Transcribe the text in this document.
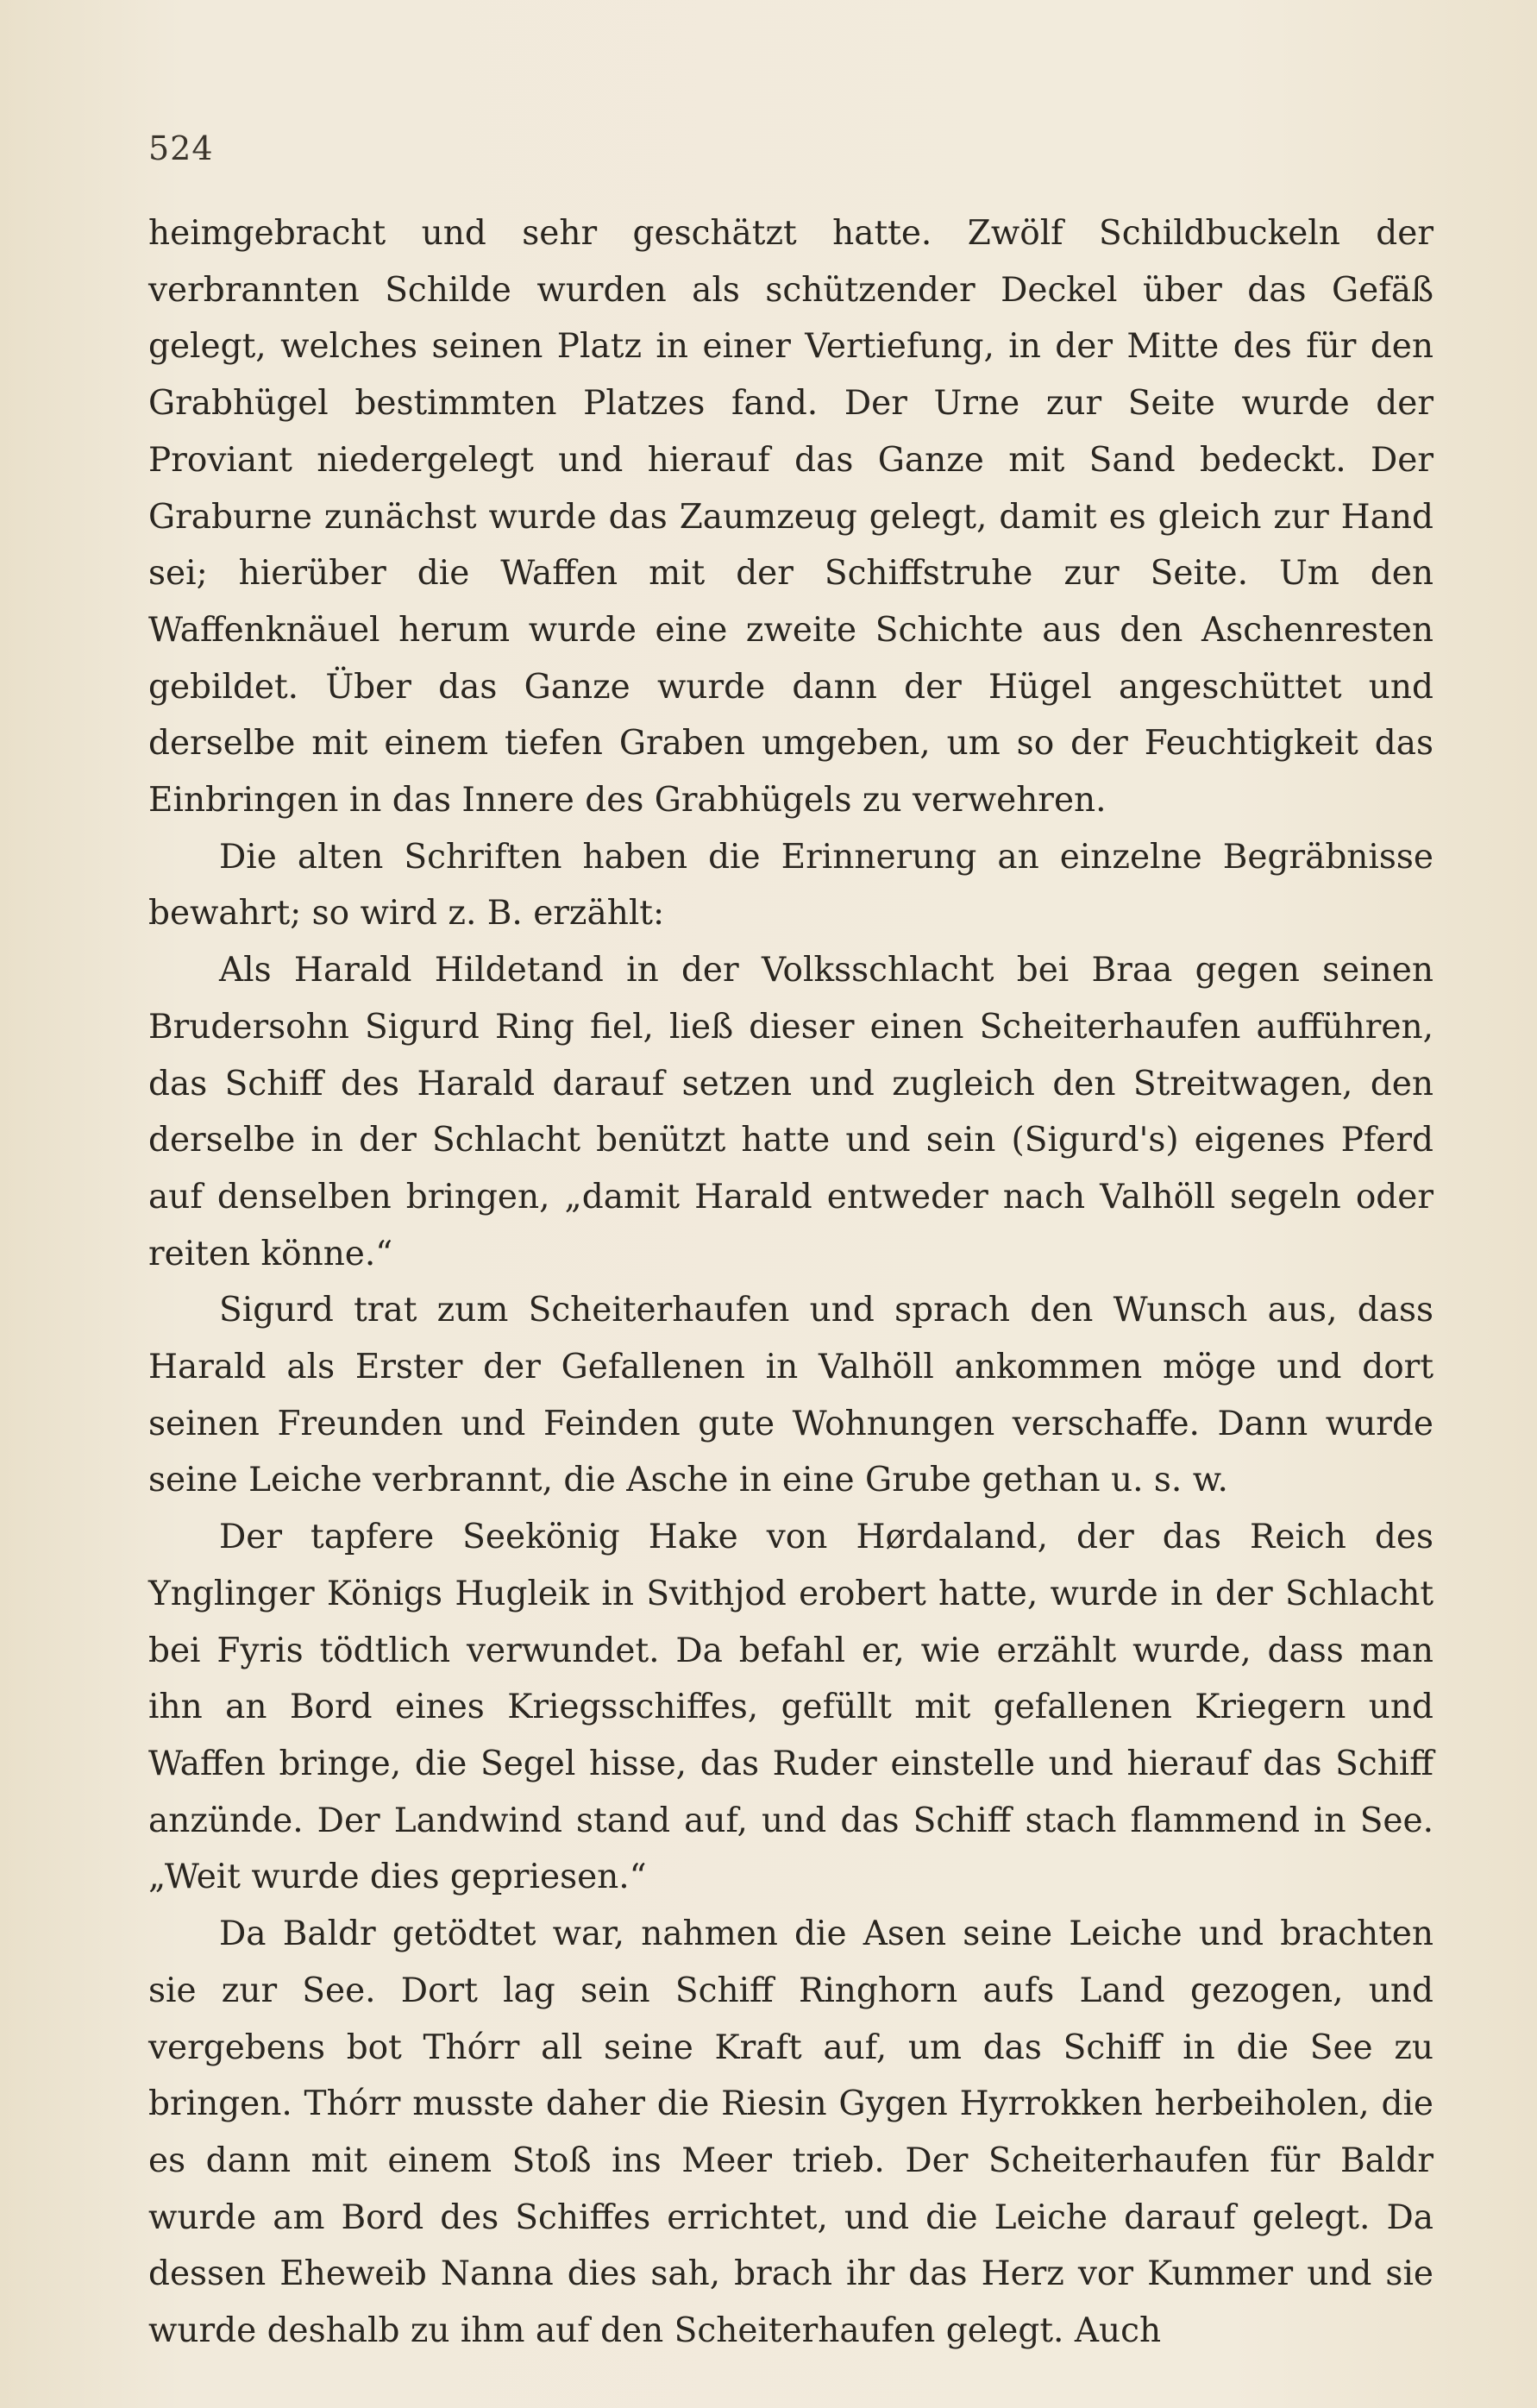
524

heimgebracht und sehr geschätzt hatte. Zwölf Schildbuckeln der verbrannten Schilde wurden als schützender Deckel über das Gefäß gelegt, welches seinen Platz in einer Vertiefung, in der Mitte des für den Grabhügel bestimmten Platzes fand. Der Urne zur Seite wurde der Proviant niedergelegt und hierauf das Ganze mit Sand bedeckt. Der Graburne zunächst wurde das Zaumzeug gelegt, damit es gleich zur Hand sei; hierüber die Waffen mit der Schiffstruhe zur Seite. Um den Waffenknäuel herum wurde eine zweite Schichte aus den Aschenresten gebildet. Über das Ganze wurde dann der Hügel angeschüttet und derselbe mit einem tiefen Graben umgeben, um so der Feuchtigkeit das Einbringen in das Innere des Grabhügels zu verwehren.

Die alten Schriften haben die Erinnerung an einzelne Begräbnisse bewahrt; so wird z. B. erzählt:

Als Harald Hildetand in der Volksschlacht bei Braa gegen seinen Brudersohn Sigurd Ring fiel, ließ dieser einen Scheiterhaufen aufführen, das Schiff des Harald darauf setzen und zugleich den Streitwagen, den derselbe in der Schlacht benützt hatte und sein (Sigurd's) eigenes Pferd auf denselben bringen, „damit Harald entweder nach Valhöll segeln oder reiten könne.“

Sigurd trat zum Scheiterhaufen und sprach den Wunsch aus, dass Harald als Erster der Gefallenen in Valhöll ankommen möge und dort seinen Freunden und Feinden gute Wohnungen verschaffe. Dann wurde seine Leiche verbrannt, die Asche in eine Grube gethan u. s. w.

Der tapfere Seekönig Hake von Hørdaland, der das Reich des Ynglinger Königs Hugleik in Svithjod erobert hatte, wurde in der Schlacht bei Fyris tödtlich verwundet. Da befahl er, wie erzählt wurde, dass man ihn an Bord eines Kriegsschiffes, gefüllt mit gefallenen Kriegern und Waffen bringe, die Segel hisse, das Ruder einstelle und hierauf das Schiff anzünde. Der Landwind stand auf, und das Schiff stach flammend in See. „Weit wurde dies gepriesen.“

Da Baldr getödtet war, nahmen die Asen seine Leiche und brachten sie zur See. Dort lag sein Schiff Ringhorn aufs Land gezogen, und vergebens bot Thórr all seine Kraft auf, um das Schiff in die See zu bringen. Thórr musste daher die Riesin Gygen Hyrrokken herbeiholen, die es dann mit einem Stoß ins Meer trieb. Der Scheiterhaufen für Baldr wurde am Bord des Schiffes errichtet, und die Leiche darauf gelegt. Da dessen Eheweib Nanna dies sah, brach ihr das Herz vor Kummer und sie wurde deshalb zu ihm auf den Scheiterhaufen gelegt. Auch
